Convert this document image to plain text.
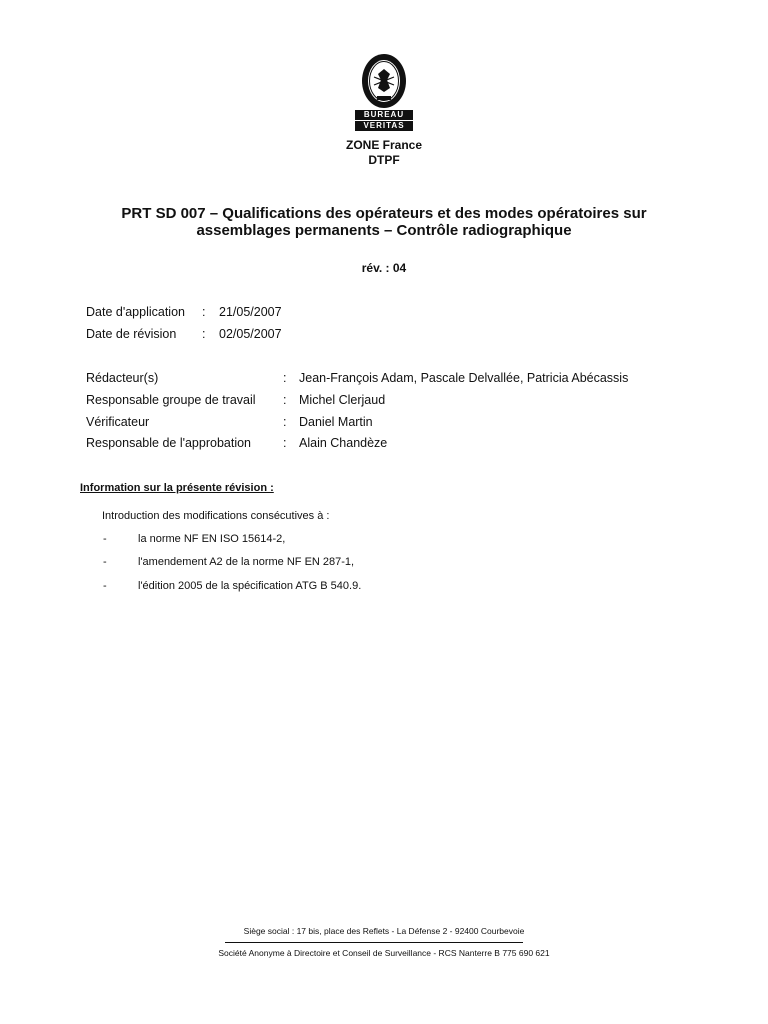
BUREAU
VERITAS
ZONE France
DTPF
PRT SD 007 – Qualifications des opérateurs et des modes opératoires sur
assemblages permanents – Contrôle radiographique
rév. : 04
Date d'application : 21/05/2007
Date de révision : 02/05/2007
Rédacteur(s)	: Jean-François Adam, Pascale Delvallée, Patricia Abécassis
Responsable groupe de travail : Michel Clerjaud
Vérificateur	: Daniel Martin
Responsable de l'approbation	: Alain Chandèze
Information sur la présente révision :
Introduction des modifications consécutives à :
-	la norme NF EN ISO 15614-2,
-	l'amendement A2 de la norme NF EN 287-1,
-	l'édition 2005 de la spécification ATG B 540.9.
Siège social : 17 bis, place des Reflets - La Défense 2 - 92400 Courbevoie
Société Anonyme à Directoire et Conseil de Surveillance - RCS Nanterre B 775 690 621
